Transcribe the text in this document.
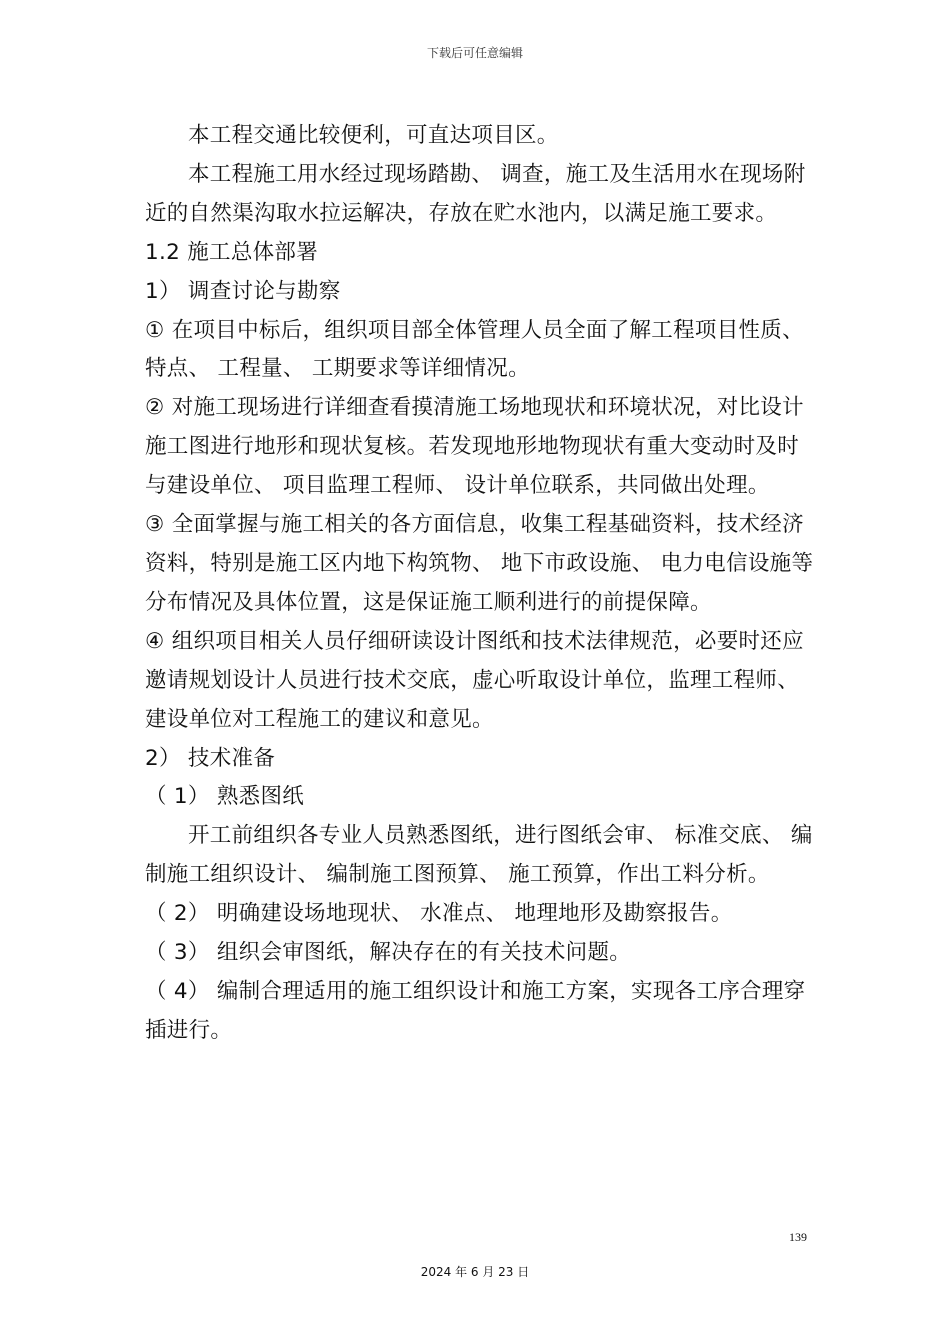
下载后可任意编辑

本工程交通比较便利，可直达项目区。

本工程施工用水经过现场踏勘、 调查，施工及生活用水在现场附近的自然渠沟取水拉运解决，存放在贮水池内，以满足施工要求。

1.2 施工总体部署

1） 调查讨论与勘察

① 在项目中标后，组织项目部全体管理人员全面了解工程项目性质、 特点、 工程量、 工期要求等详细情况。

② 对施工现场进行详细查看摸清施工场地现状和环境状况，对比设计施工图进行地形和现状复核。若发现地形地物现状有重大变动时及时与建设单位、 项目监理工程师、 设计单位联系，共同做出处理。

③ 全面掌握与施工相关的各方面信息，收集工程基础资料，技术经济资料，特别是施工区内地下构筑物、 地下市政设施、 电力电信设施等分布情况及具体位置，这是保证施工顺利进行的前提保障。

④ 组织项目相关人员仔细研读设计图纸和技术法律规范，必要时还应邀请规划设计人员进行技术交底，虚心听取设计单位，监理工程师、 建设单位对工程施工的建议和意见。

2） 技术准备

（ 1） 熟悉图纸

开工前组织各专业人员熟悉图纸，进行图纸会审、 标准交底、 编制施工组织设计、 编制施工图预算、 施工预算，作出工料分析。

（ 2） 明确建设场地现状、 水准点、 地理地形及勘察报告。

（ 3） 组织会审图纸，解决存在的有关技术问题。

（ 4） 编制合理适用的施工组织设计和施工方案，实现各工序合理穿插进行。

139
2024 年 6 月 23 日
